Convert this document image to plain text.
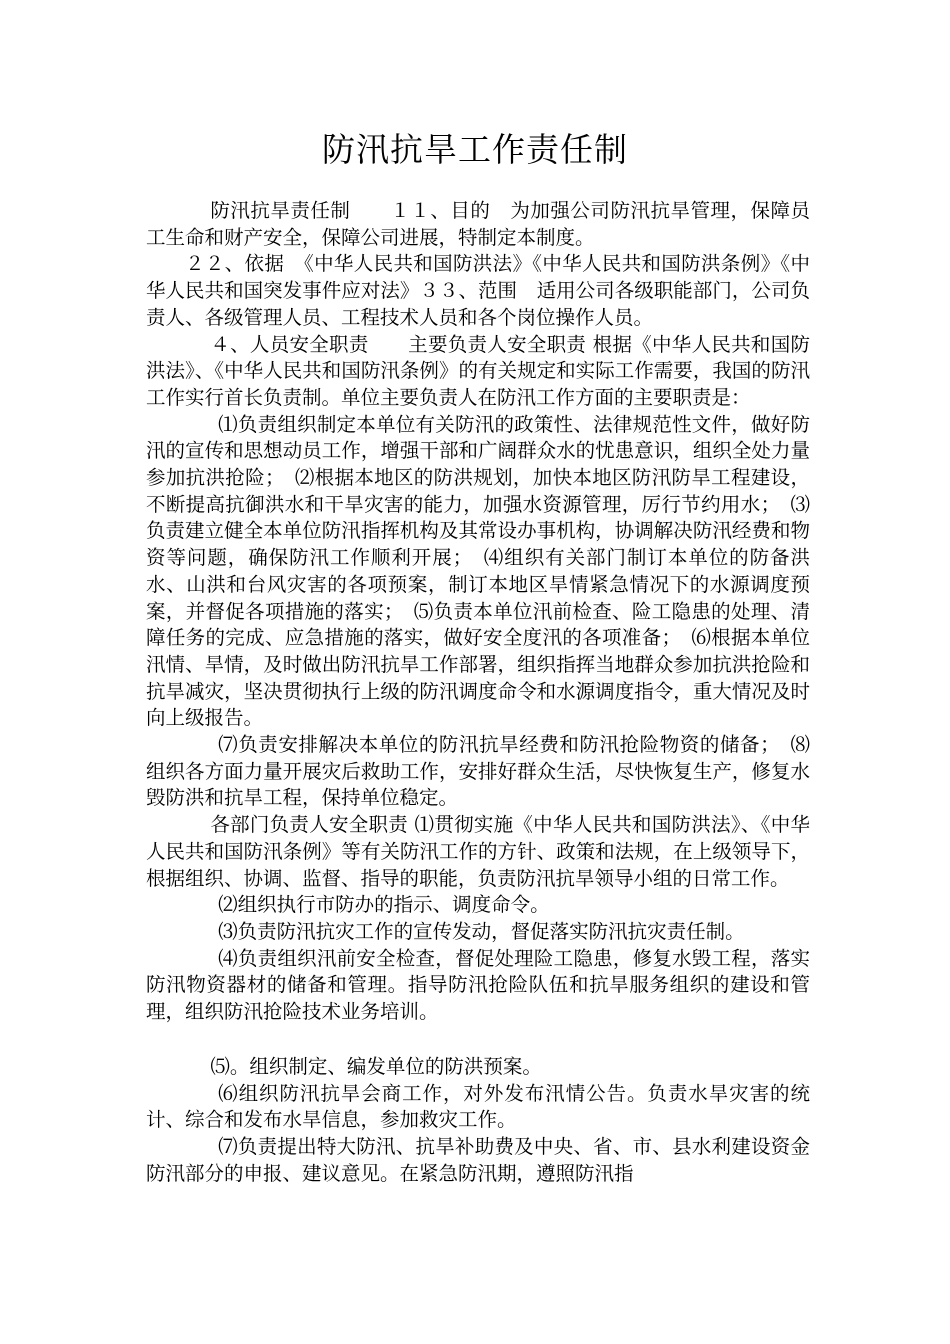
防汛抗旱工作责任制

防汛抗旱责任制　　１１、目的　为加强公司防汛抗旱管理，保障员工生命和财产安全，保障公司进展，特制定本制度。

２２、依据　《中华人民共和国防洪法》《中华人民共和国防洪条例》《中华人民共和国突发事件应对法》３３、范围　适用公司各级职能部门，公司负责人、各级管理人员、工程技术人员和各个岗位操作人员。

４、人员安全职责　　主要负责人安全职责 根据《中华人民共和国防洪法》、《中华人民共和国防汛条例》的有关规定和实际工作需要，我国的防汛工作实行首长负责制。单位主要负责人在防汛工作方面的主要职责是：

⑴负责组织制定本单位有关防汛的政策性、法律规范性文件，做好防汛的宣传和思想动员工作，增强干部和广阔群众水的忧患意识，组织全处力量参加抗洪抢险；　⑵根据本地区的防洪规划，加快本地区防汛防旱工程建设，不断提高抗御洪水和干旱灾害的能力，加强水资源管理，厉行节约用水；　⑶负责建立健全本单位防汛指挥机构及其常设办事机构，协调解决防汛经费和物资等问题，确保防汛工作顺利开展；　⑷组织有关部门制订本单位的防备洪水、山洪和台风灾害的各项预案，制订本地区旱情紧急情况下的水源调度预案，并督促各项措施的落实；　⑸负责本单位汛前检查、险工隐患的处理、清障任务的完成、应急措施的落实，做好安全度汛的各项准备；　⑹根据本单位汛情、旱情，及时做出防汛抗旱工作部署，组织指挥当地群众参加抗洪抢险和抗旱减灾，坚决贯彻执行上级的防汛调度命令和水源调度指令，重大情况及时向上级报告。

⑺负责安排解决本单位的防汛抗旱经费和防汛抢险物资的储备；　⑻组织各方面力量开展灾后救助工作，安排好群众生活，尽快恢复生产，修复水毁防洪和抗旱工程，保持单位稳定。

各部门负责人安全职责 ⑴贯彻实施《中华人民共和国防洪法》、《中华人民共和国防汛条例》等有关防汛工作的方针、政策和法规，在上级领导下，根据组织、协调、监督、指导的职能，负责防汛抗旱领导小组的日常工作。

⑵组织执行市防办的指示、调度命令。

⑶负责防汛抗灾工作的宣传发动，督促落实防汛抗灾责任制。

⑷负责组织汛前安全检查，督促处理险工隐患，修复水毁工程，落实防汛物资器材的储备和管理。指导防汛抢险队伍和抗旱服务组织的建设和管理，组织防汛抢险技术业务培训。

⑸。组织制定、编发单位的防洪预案。

⑹组织防汛抗旱会商工作，对外发布汛情公告。负责水旱灾害的统计、综合和发布水旱信息，参加救灾工作。

⑺负责提出特大防汛、抗旱补助费及中央、省、市、县水利建设资金防汛部分的申报、建议意见。在紧急防汛期，遵照防汛指
